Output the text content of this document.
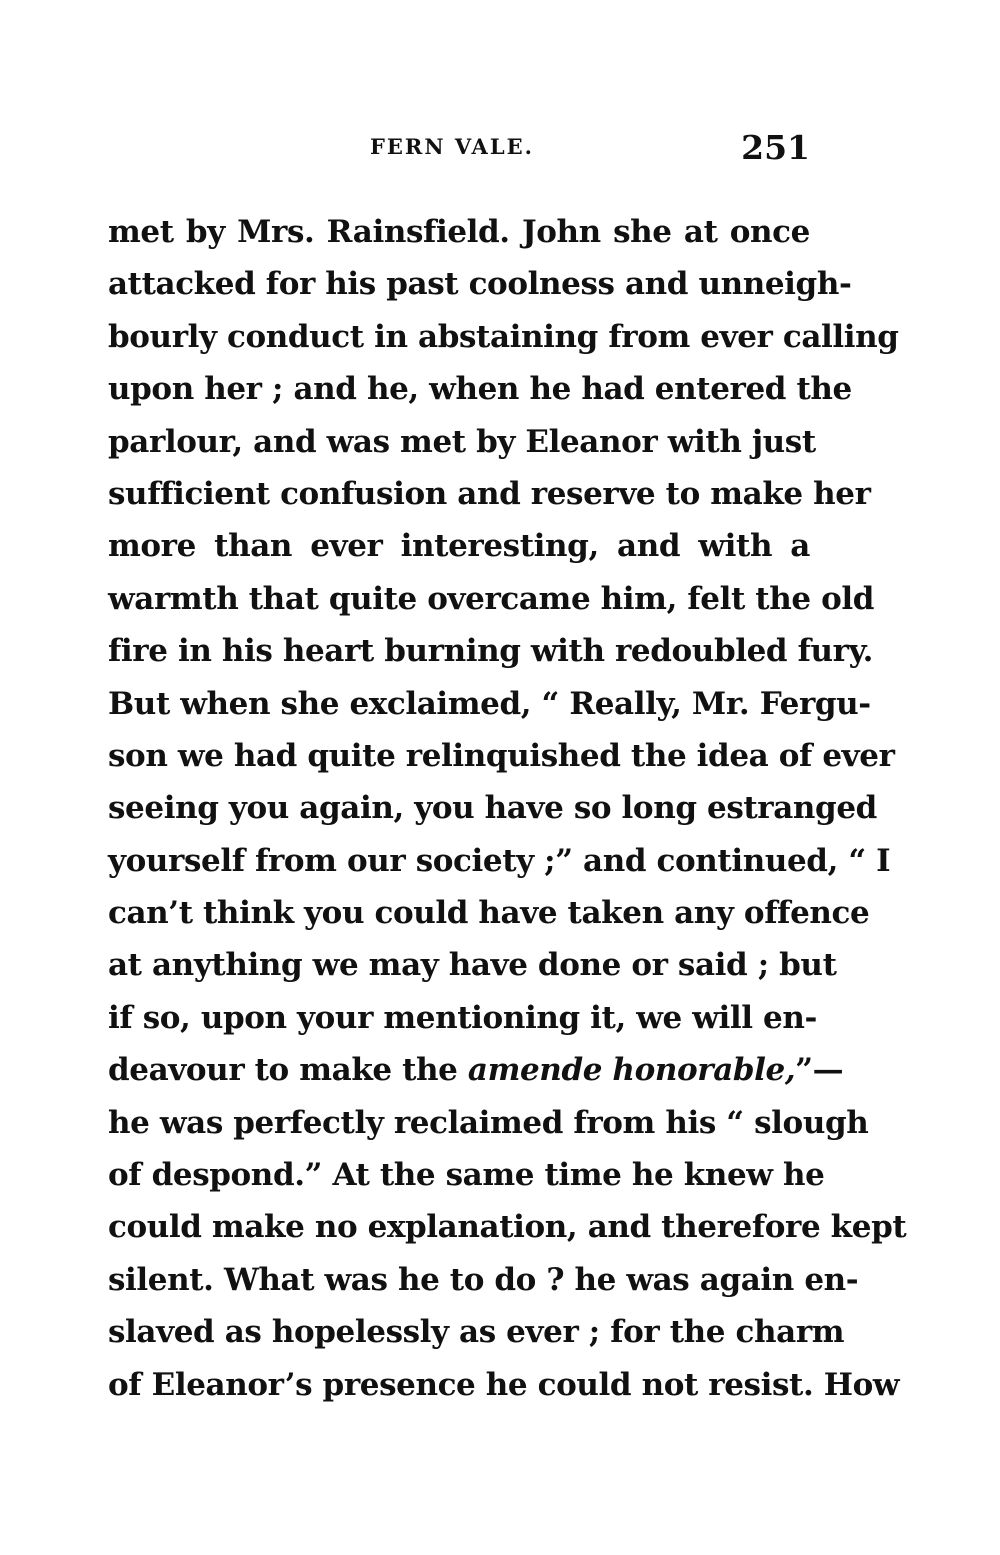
FERN VALE.	251
met by Mrs. Rainsfield. John she at once
attacked for his past coolness and unneigh-
bourly conduct in abstaining from ever calling
upon her ; and he, when he had entered the
parlour, and was met by Eleanor with just
sufficient confusion and reserve to make her
more than ever interesting, and with a
warmth that quite overcame him, felt the old
fire in his heart burning with redoubled fury.
But when she exclaimed, “ Really, Mr. Fergu-
son we had quite relinquished the idea of ever
seeing you again, you have so long estranged
yourself from our society ;” and continued, “ I
can’t think you could have taken any offence
at anything we may have done or said ; but
if so, upon your mentioning it, we will en-
deavour to make the amende honorable,”—
he was perfectly reclaimed from his “ slough
of despond.” At the same time he knew he
could make no explanation, and therefore kept
silent. What was he to do ? he was again en-
slaved as hopelessly as ever ; for the charm
of Eleanor’s presence he could not resist. How
